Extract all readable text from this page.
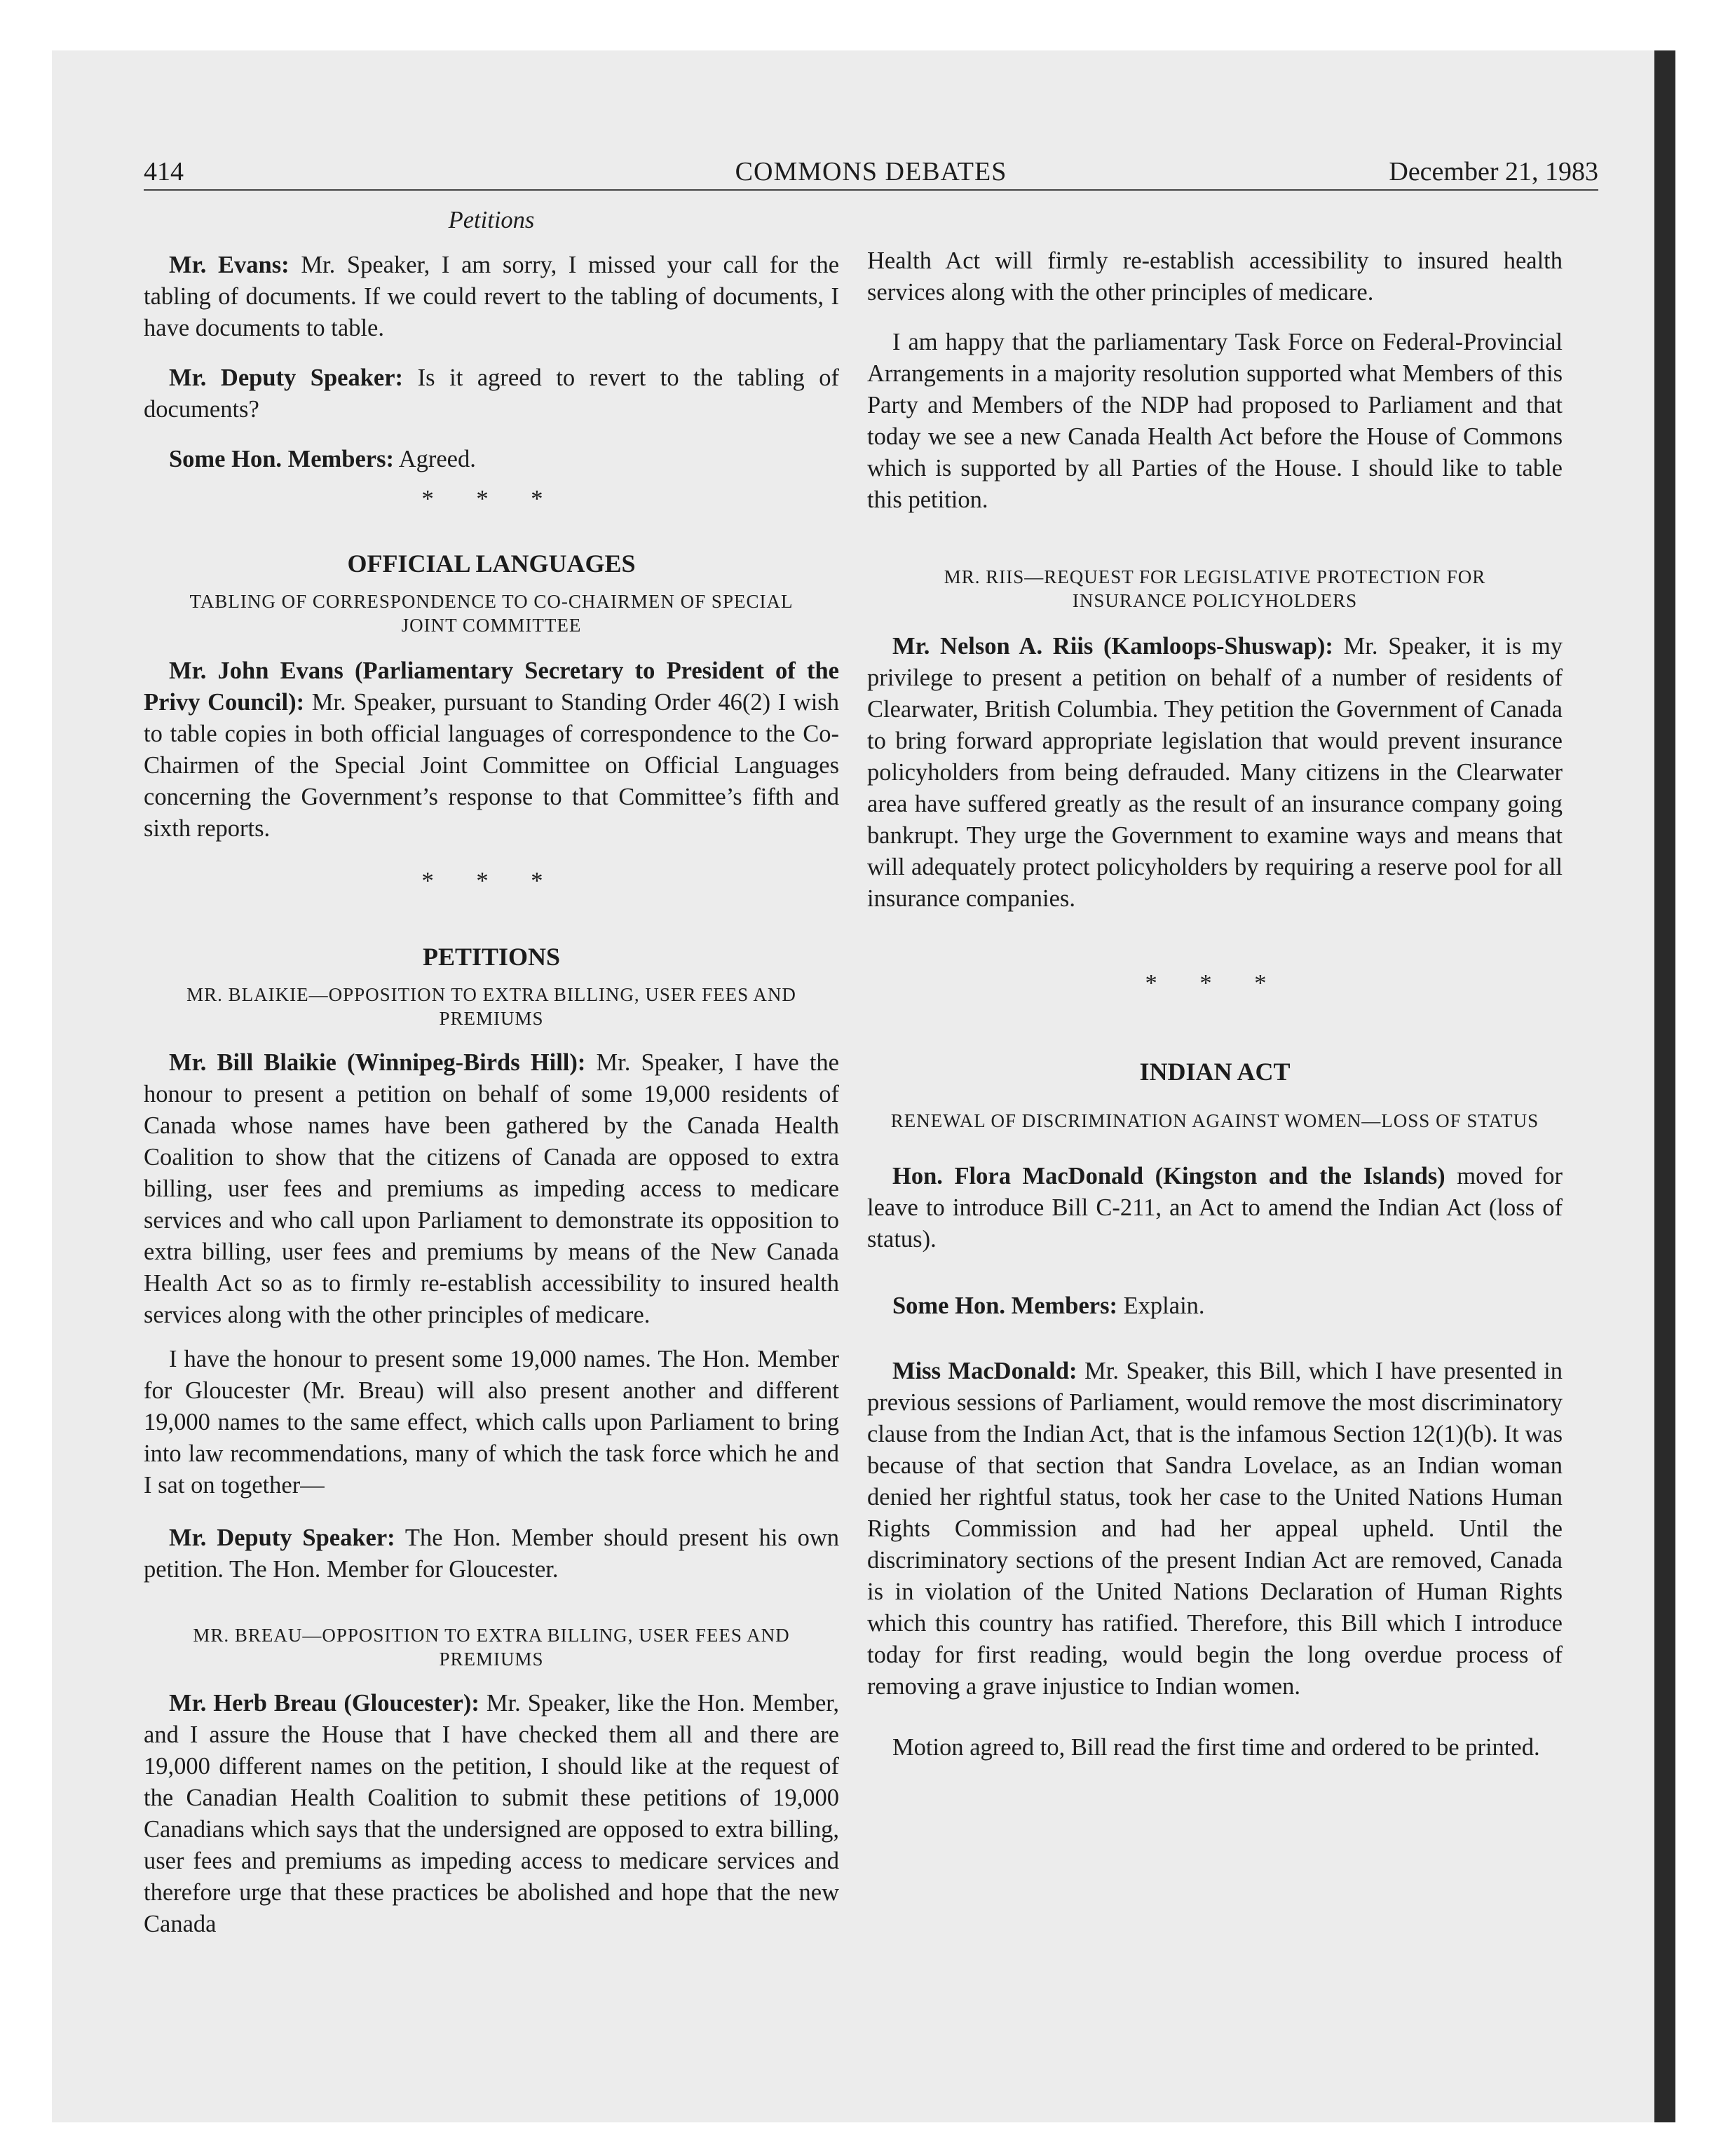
414	COMMONS DEBATES	December 21, 1983
Petitions

Mr. Evans: Mr. Speaker, I am sorry, I missed your call for the tabling of documents. If we could revert to the tabling of documents, I have documents to table.

Mr. Deputy Speaker: Is it agreed to revert to the tabling of documents?

Some Hon. Members: Agreed.

* * *
OFFICIAL LANGUAGES
TABLING OF CORRESPONDENCE TO CO-CHAIRMEN OF SPECIAL JOINT COMMITTEE

Mr. John Evans (Parliamentary Secretary to President of the Privy Council): Mr. Speaker, pursuant to Standing Order 46(2) I wish to table copies in both official languages of correspondence to the Co-Chairmen of the Special Joint Committee on Official Languages concerning the Government’s response to that Committee’s fifth and sixth reports.

* * *
PETITIONS
MR. BLAIKIE—OPPOSITION TO EXTRA BILLING, USER FEES AND PREMIUMS

Mr. Bill Blaikie (Winnipeg-Birds Hill): Mr. Speaker, I have the honour to present a petition on behalf of some 19,000 residents of Canada whose names have been gathered by the Canada Health Coalition to show that the citizens of Canada are opposed to extra billing, user fees and premiums as impeding access to medicare services and who call upon Parliament to demonstrate its opposition to extra billing, user fees and premiums by means of the New Canada Health Act so as to firmly re-establish accessibility to insured health services along with the other principles of medicare.

I have the honour to present some 19,000 names. The Hon. Member for Gloucester (Mr. Breau) will also present another and different 19,000 names to the same effect, which calls upon Parliament to bring into law recommendations, many of which the task force which he and I sat on together—

Mr. Deputy Speaker: The Hon. Member should present his own petition. The Hon. Member for Gloucester.

MR. BREAU—OPPOSITION TO EXTRA BILLING, USER FEES AND PREMIUMS

Mr. Herb Breau (Gloucester): Mr. Speaker, like the Hon. Member, and I assure the House that I have checked them all and there are 19,000 different names on the petition, I should like at the request of the Canadian Health Coalition to submit these petitions of 19,000 Canadians which says that the undersigned are opposed to extra billing, user fees and premiums as impeding access to medicare services and therefore urge that these practices be abolished and hope that the new Canada

Health Act will firmly re-establish accessibility to insured health services along with the other principles of medicare.

I am happy that the parliamentary Task Force on Federal-Provincial Arrangements in a majority resolution supported what Members of this Party and Members of the NDP had proposed to Parliament and that today we see a new Canada Health Act before the House of Commons which is supported by all Parties of the House. I should like to table this petition.

MR. RIIS—REQUEST FOR LEGISLATIVE PROTECTION FOR INSURANCE POLICYHOLDERS

Mr. Nelson A. Riis (Kamloops-Shuswap): Mr. Speaker, it is my privilege to present a petition on behalf of a number of residents of Clearwater, British Columbia. They petition the Government of Canada to bring forward appropriate legislation that would prevent insurance policyholders from being defrauded. Many citizens in the Clearwater area have suffered greatly as the result of an insurance company going bankrupt. They urge the Government to examine ways and means that will adequately protect policyholders by requiring a reserve pool for all insurance companies.

* * *
INDIAN ACT
RENEWAL OF DISCRIMINATION AGAINST WOMEN—LOSS OF STATUS

Hon. Flora MacDonald (Kingston and the Islands) moved for leave to introduce Bill C-211, an Act to amend the Indian Act (loss of status).

Some Hon. Members: Explain.

Miss MacDonald: Mr. Speaker, this Bill, which I have presented in previous sessions of Parliament, would remove the most discriminatory clause from the Indian Act, that is the infamous Section 12(1)(b). It was because of that section that Sandra Lovelace, as an Indian woman denied her rightful status, took her case to the United Nations Human Rights Commission and had her appeal upheld. Until the discriminatory sections of the present Indian Act are removed, Canada is in violation of the United Nations Declaration of Human Rights which this country has ratified. Therefore, this Bill which I introduce today for first reading, would begin the long overdue process of removing a grave injustice to Indian women.

Motion agreed to, Bill read the first time and ordered to be printed.
